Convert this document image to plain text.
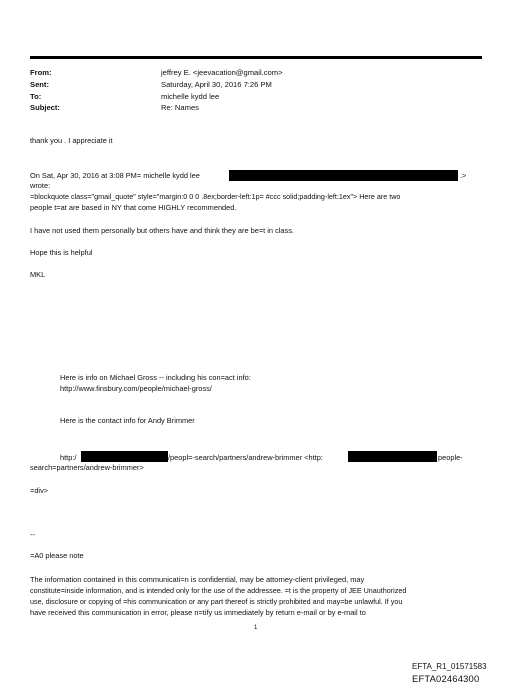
From:	jeffrey E. <jeevacation@gmail.com>
Sent:	Saturday, April 30, 2016 7:26 PM
To:	michelle kydd lee
Subject:	Re: Names
thank you . I appreciate it
On Sat, Apr 30, 2016 at 3:08 PM= michelle kydd lee	.>
wrote:
=blockquote class="gmail_quote" style="margin:0 0 0 .8ex;border-left:1p= #ccc solid;padding-left:1ex"> Here are two
people t=at are based in NY that come HIGHLY recommended.
I have not used them personally but others have and think they are be=t in class.
Hope this is helpful
MKL
Here is info on Michael Gross -- including his con=act info:
http://www.finsbury.com/people/michael-gross/
Here is the contact info for Andy Brimmer
http:/	/peopl=-search/partners/andrew-brimmer <http:	people-
search=partners/andrew-brimmer>
=div>
--
=A0 please note
The information contained in this communicati=n is confidential, may be attorney-client privileged, may
constitute=inside information, and is intended only for the use of the addressee. =t is the property of JEE Unauthorized
use, disclosure or copying of =his communication or any part thereof is strictly prohibited and may=be unlawful. If you
have received this communication in error, please n=tify us immediately by return e-mail or by e-mail to
1
EFTA_R1_01571583
EFTA02464300
